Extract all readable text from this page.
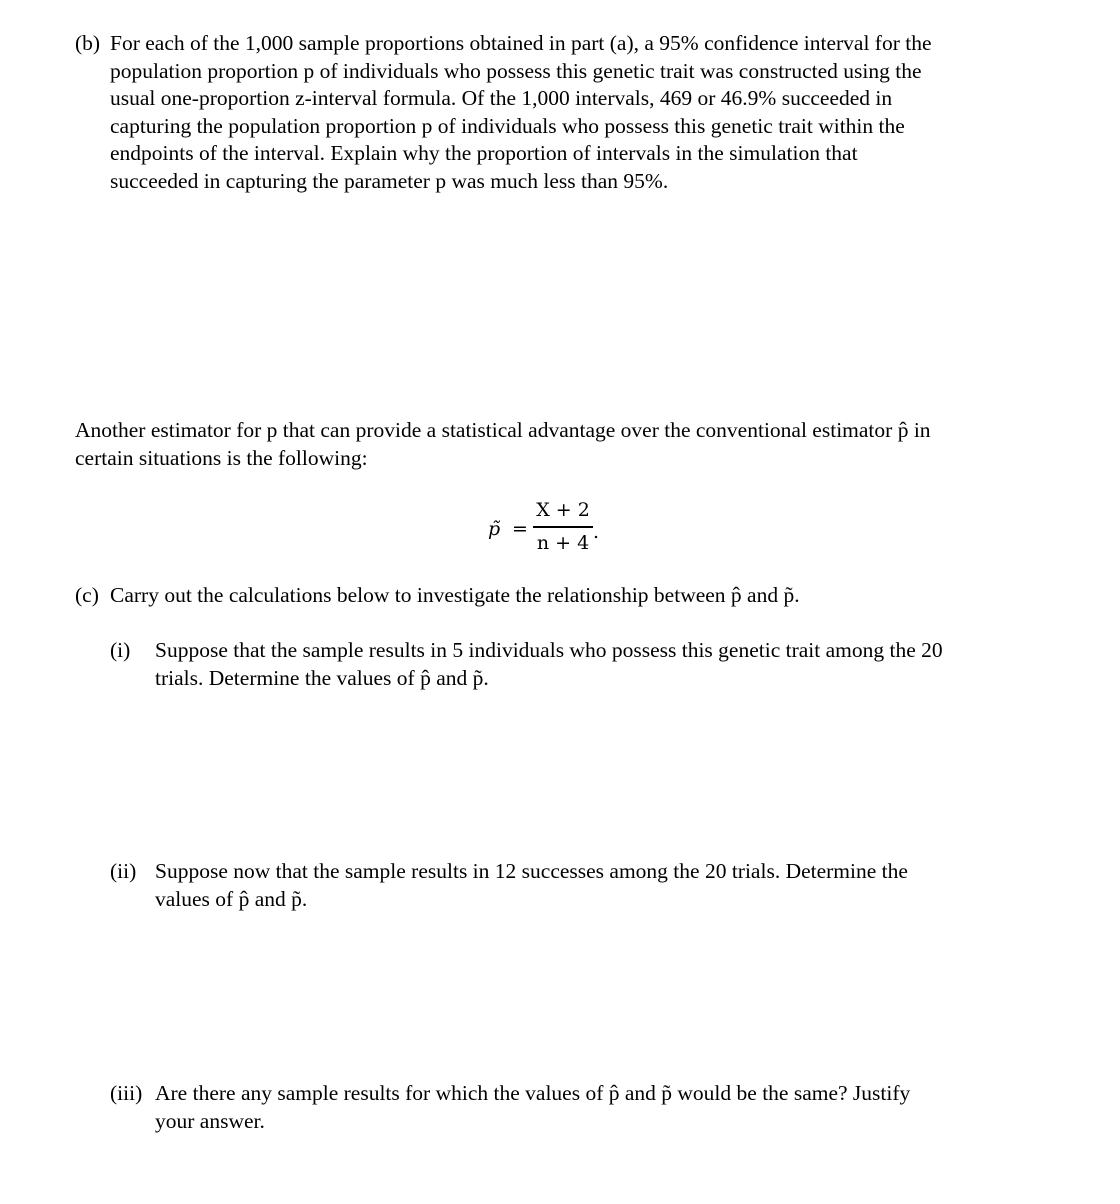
(b) For each of the 1,000 sample proportions obtained in part (a), a 95% confidence interval for the
population proportion p of individuals who possess this genetic trait was constructed using the
usual one-proportion z-interval formula. Of the 1,000 intervals, 469 or 46.9% succeeded in
capturing the population proportion p of individuals who possess this genetic trait within the
endpoints of the interval. Explain why the proportion of intervals in the simulation that
succeeded in capturing the parameter p was much less than 95%.
Another estimator for p that can provide a statistical advantage over the conventional estimator p̂ in
certain situations is the following:
p̃ =
X + 2
n + 4 .
(c) Carry out the calculations below to investigate the relationship between p̂ and p̃.
(i) Suppose that the sample results in 5 individuals who possess this genetic trait among the 20
trials. Determine the values of p̂ and p̃.
(ii) Suppose now that the sample results in 12 successes among the 20 trials. Determine the
values of p̂ and p̃.
(iii) Are there any sample results for which the values of p̂ and p̃ would be the same? Justify
your answer.
